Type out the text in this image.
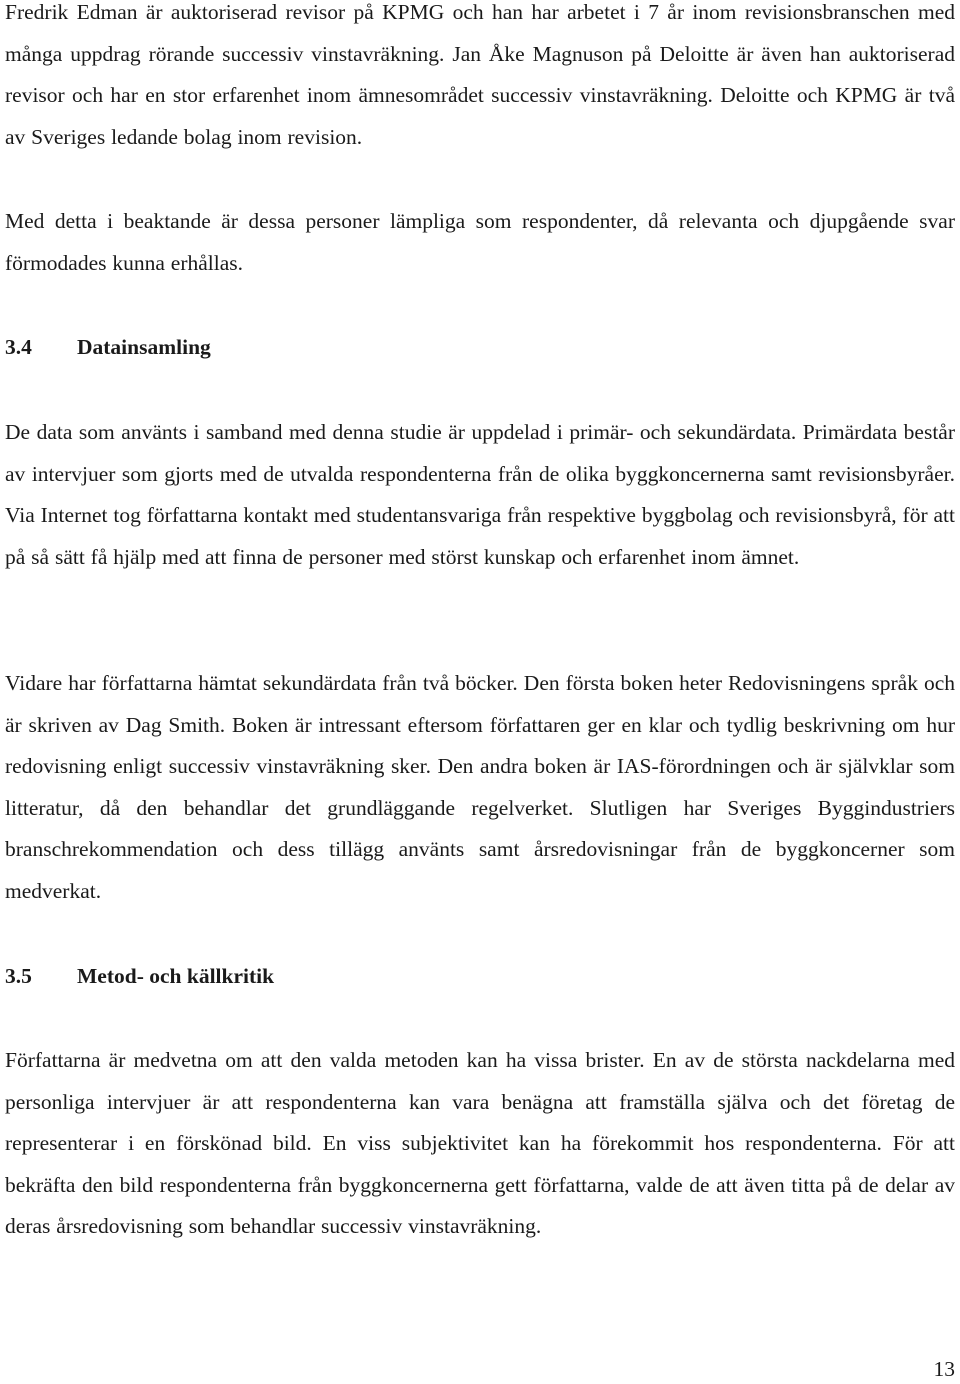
Fredrik Edman är auktoriserad revisor på KPMG och han har arbetet i 7 år inom revisionsbranschen med många uppdrag rörande successiv vinstavräkning. Jan Åke Magnuson på Deloitte är även han auktoriserad revisor och har en stor erfarenhet inom ämnesområdet successiv vinstavräkning. Deloitte och KPMG är två av Sveriges ledande bolag inom revision.

Med detta i beaktande är dessa personer lämpliga som respondenter, då relevanta och djupgående svar förmodades kunna erhållas.

3.4 Datainsamling

De data som använts i samband med denna studie är uppdelad i primär- och sekundärdata. Primärdata består av intervjuer som gjorts med de utvalda respondenterna från de olika byggkoncernerna samt revisionsbyråer. Via Internet tog författarna kontakt med studentansvariga från respektive byggbolag och revisionsbyrå, för att på så sätt få hjälp med att finna de personer med störst kunskap och erfarenhet inom ämnet.

Vidare har författarna hämtat sekundärdata från två böcker. Den första boken heter Redovisningens språk och är skriven av Dag Smith. Boken är intressant eftersom författaren ger en klar och tydlig beskrivning om hur redovisning enligt successiv vinstavräkning sker. Den andra boken är IAS-förordningen och är självklar som litteratur, då den behandlar det grundläggande regelverket. Slutligen har Sveriges Byggindustriers branschrekommendation och dess tillägg använts samt årsredovisningar från de byggkoncerner som medverkat.

3.5 Metod- och källkritik

Författarna är medvetna om att den valda metoden kan ha vissa brister. En av de största nackdelarna med personliga intervjuer är att respondenterna kan vara benägna att framställa själva och det företag de representerar i en förskönad bild. En viss subjektivitet kan ha förekommit hos respondenterna. För att bekräfta den bild respondenterna från byggkoncernerna gett författarna, valde de att även titta på de delar av deras årsredovisning som behandlar successiv vinstavräkning.

13
